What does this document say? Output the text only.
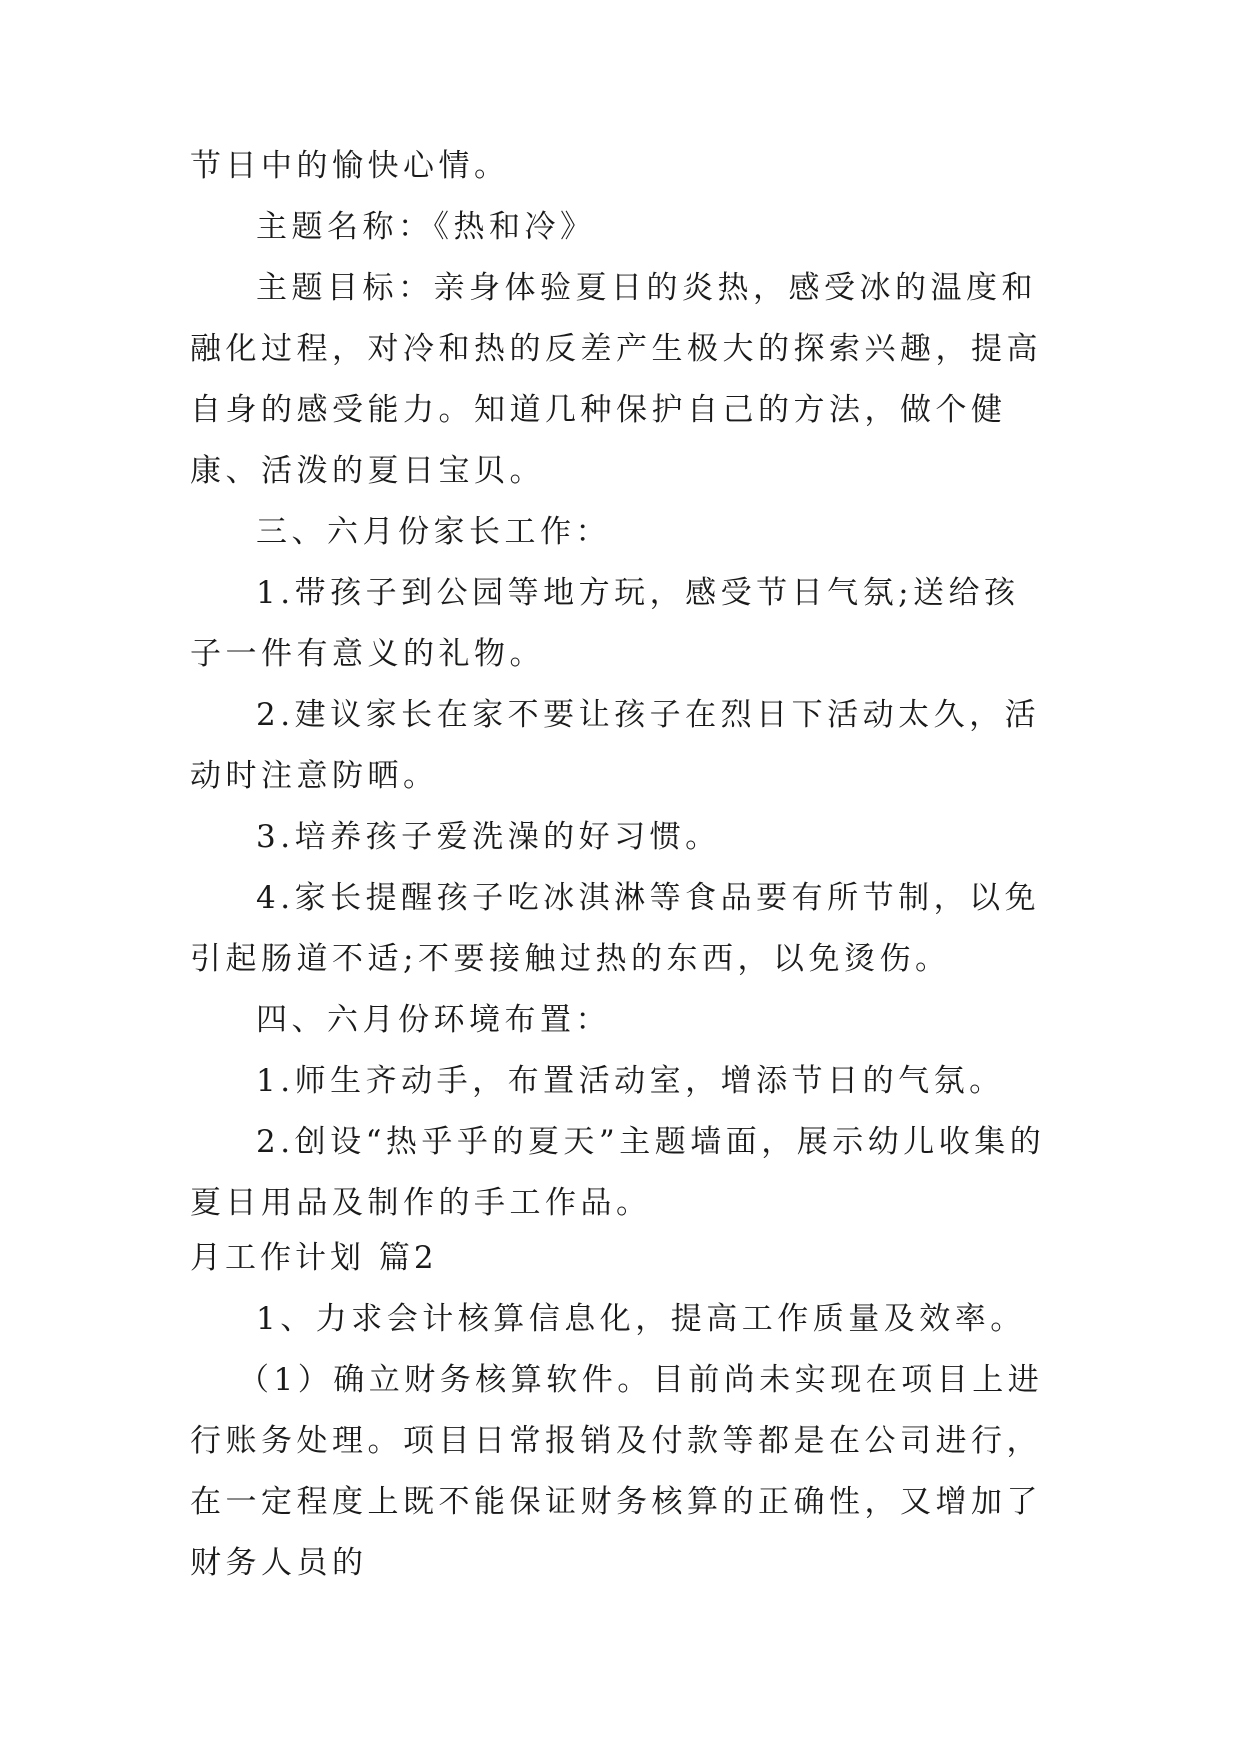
节日中的愉快心情。

主题名称：《热和冷》

主题目标：亲身体验夏日的炎热，感受冰的温度和融化过程，对冷和热的反差产生极大的探索兴趣，提高自身的感受能力。知道几种保护自己的方法，做个健康、活泼的夏日宝贝。

三、六月份家长工作：

1.带孩子到公园等地方玩，感受节日气氛;送给孩子一件有意义的礼物。

2.建议家长在家不要让孩子在烈日下活动太久，活动时注意防晒。

3.培养孩子爱洗澡的好习惯。

4.家长提醒孩子吃冰淇淋等食品要有所节制，以免引起肠道不适;不要接触过热的东西，以免烫伤。

四、六月份环境布置：

1.师生齐动手，布置活动室，增添节日的气氛。

2.创设“热乎乎的夏天”主题墙面，展示幼儿收集的夏日用品及制作的手工作品。

月工作计划 篇2

1、力求会计核算信息化，提高工作质量及效率。

（1）确立财务核算软件。目前尚未实现在项目上进行账务处理。项目日常报销及付款等都是在公司进行，在一定程度上既不能保证财务核算的正确性，又增加了财务人员的
